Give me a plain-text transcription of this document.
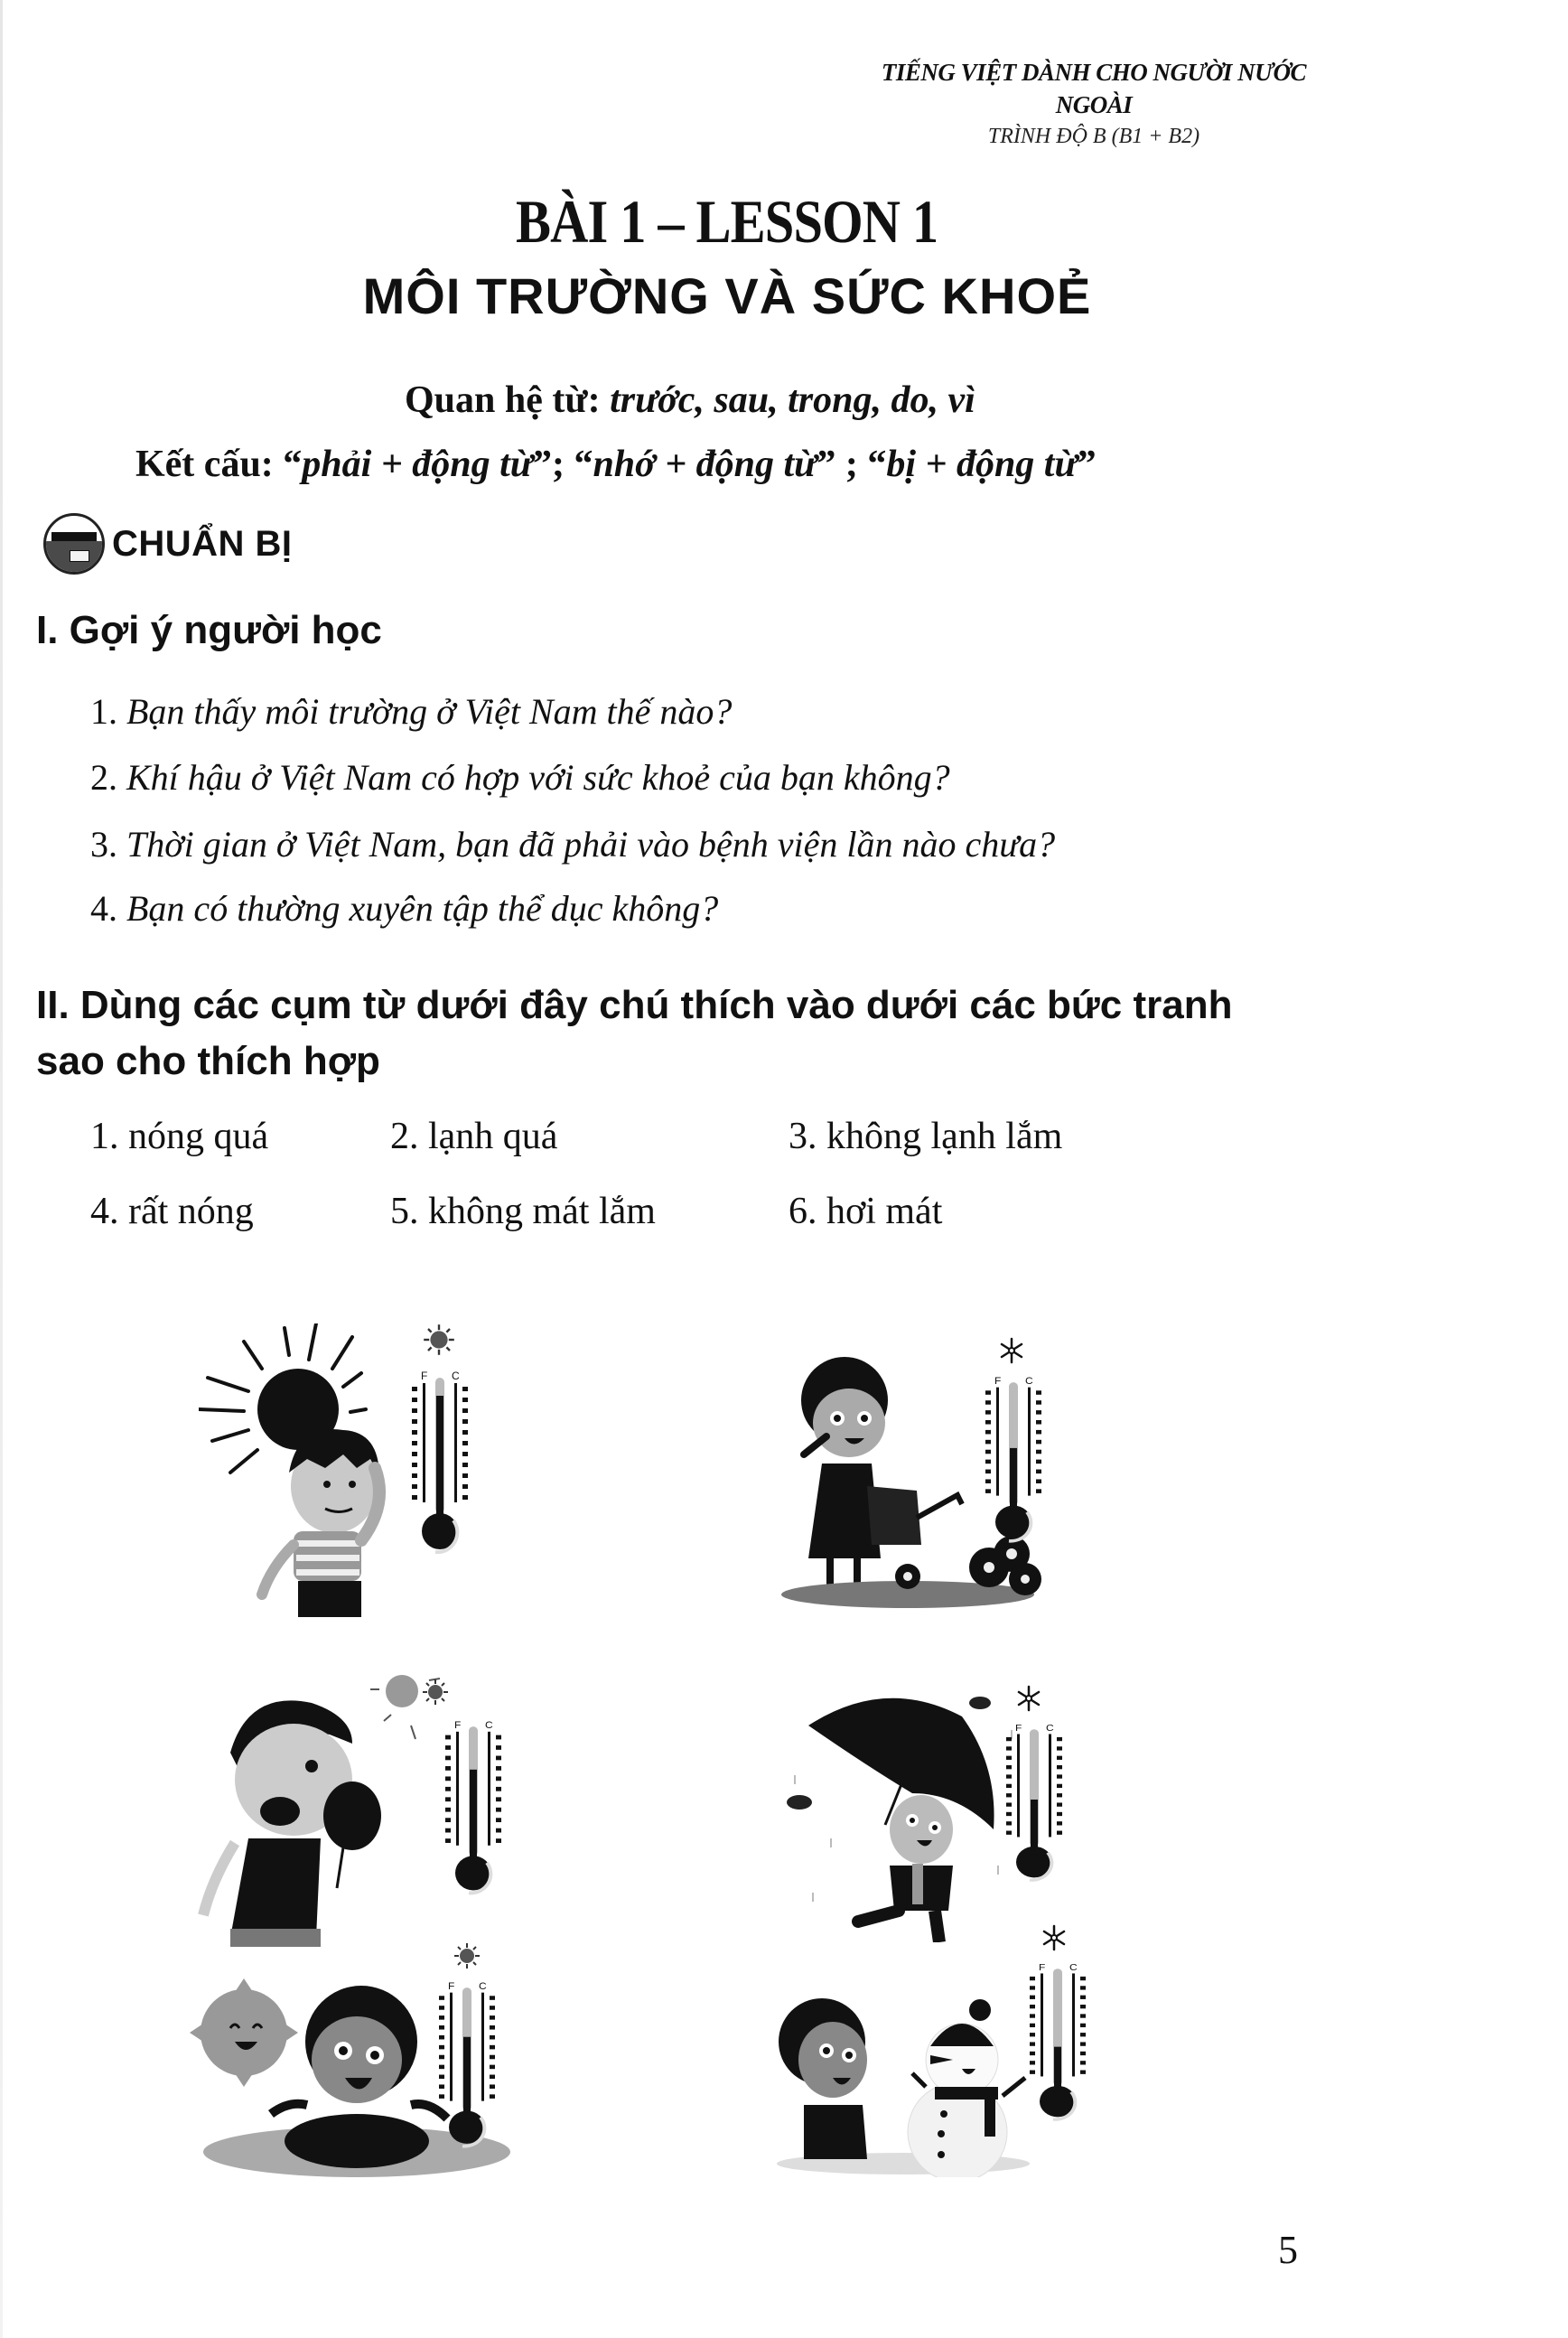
TIẾNG VIỆT DÀNH CHO NGƯỜI NƯỚC NGOÀI
TRÌNH ĐỘ B (B1 + B2)
BÀI 1 – LESSON 1
MÔI TRƯỜNG VÀ SỨC KHOẺ
Quan hệ từ: trước, sau, trong, do, vì
Kết cấu: “phải + động từ”; “nhớ + động từ” ; “bị + động từ”
CHUẨN BỊ
I. Gợi ý người học
1. Bạn thấy môi trường ở Việt Nam thế nào?
2. Khí hậu ở Việt Nam có hợp với sức khoẻ của bạn không?
3. Thời gian ở Việt Nam, bạn đã phải vào bệnh viện lần nào chưa?
4. Bạn có thường xuyên tập thể dục không?
II. Dùng các cụm từ dưới đây chú thích vào dưới các bức tranh
sao cho thích hợp
1. nóng quá	2. lạnh quá	3. không lạnh lắm
4. rất nóng	5. không mát lắm	6. hơi mát
5
